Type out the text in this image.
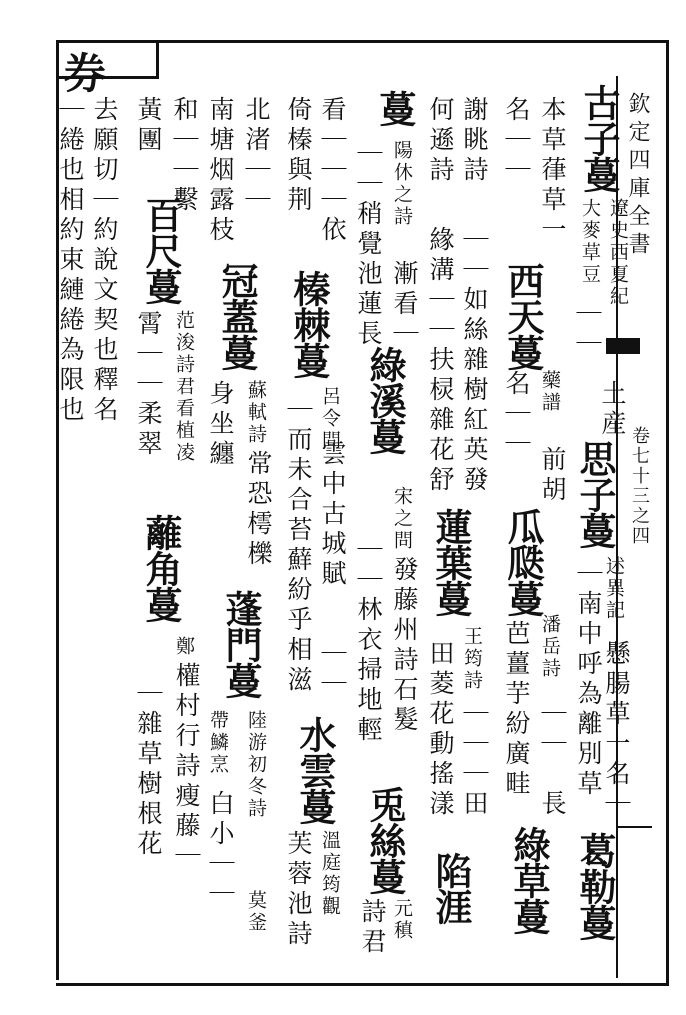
欽定四庫全書
卷七十三之四
券
古子蔓
遼史西夏紀
大麥草豆
｜｜
土産
思子蔓
述異記
｜南中呼為離別草 懸腸草一名｜
葛勒蔓
本草葎草一
名｜｜
西天蔓
藥譜
名｜｜
前胡
瓜瓞蔓
潘岳詩
芭薑芋紛廣畦 ｜｜
長
綠草蔓
謝眺詩
何遜詩
｜｜如絲雜樹紅英發
緣溝｜｜扶棂雜花舒
蓮葉蔓
王筠詩
田菱花動搖漾 ｜｜｜田
陷涯
蔓
陽休之詩
｜｜稍覺池蓮長 漸看｜
綠溪蔓
宋之問
｜｜林衣掃地輕 發藤州詩石髮
兎絲蔓
元稹
詩君
看｜｜｜依
倚榛與荆
榛棘蔓
呂令問
雲中古城賦
｜而未合苔蘚紛乎相滋 ｜｜
水雲蔓
溫庭筠觀
芙蓉池詩
北渚｜｜
南塘烟露枝
冠蓋蔓
蘇軾詩
常恐樗櫟
身坐纏
蓬門蔓
陸游初冬詩
帶鱗烹
白小｜｜
莫釜
和｜｜繫
黃團
百尺蔓
范浚詩君看植凌
霄｜｜柔翠
蘺角蔓
鄭
權村行詩瘦藤｜
｜雜草樹根花
去願切｜約說文契也釋名
｜綣也相約束縺綣為限也
